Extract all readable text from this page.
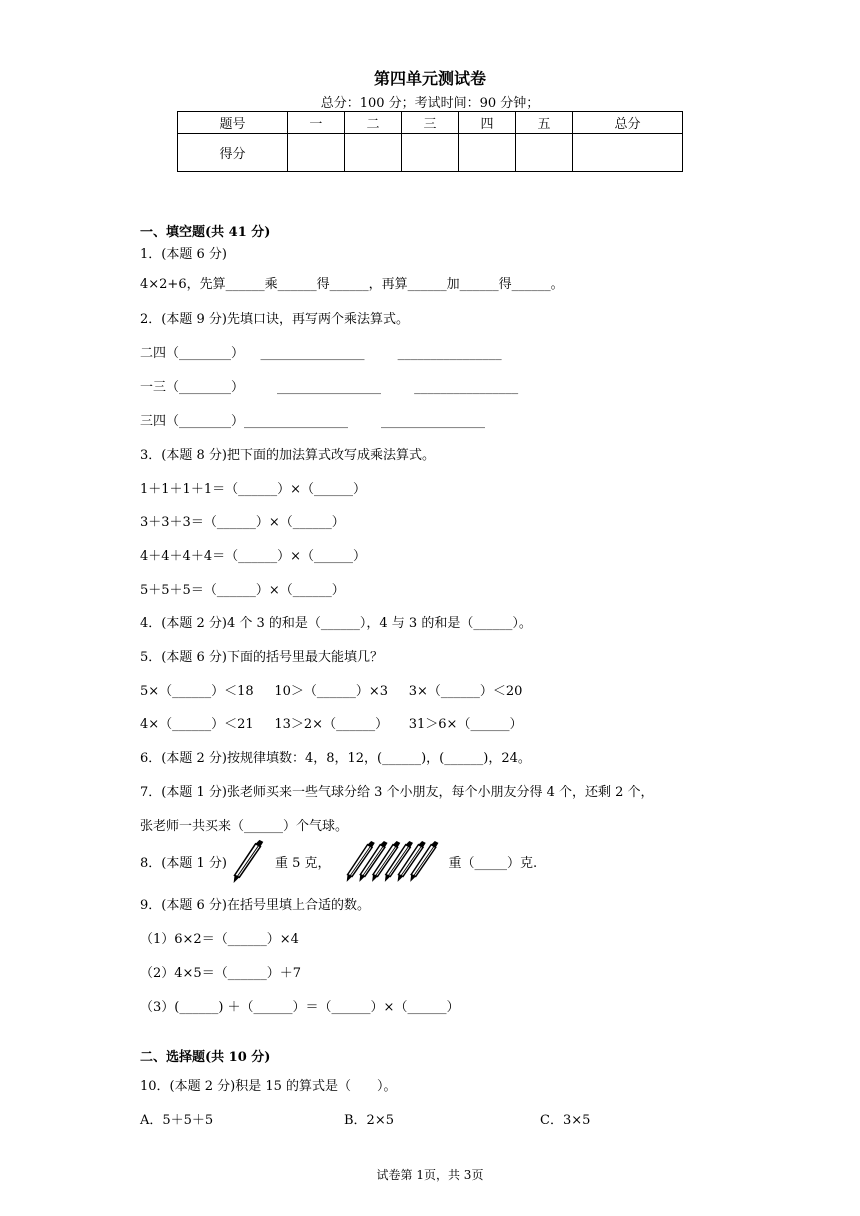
第四单元测试卷
总分：100 分；考试时间：90 分钟；
题号	一	二	三	四	五	总分
得分						
一、填空题(共 41 分)
1．(本题 6 分)
4×2+6，先算______乘______得______，再算______加______得______。
2．(本题 9 分)先填口诀，再写两个乘法算式。
二四（________）    ________________        ________________
一三（________）        ________________        ________________
三四（________）________________        ________________
3．(本题 8 分)把下面的加法算式改写成乘法算式。
1＋1＋1＋1＝（______）×（______）
3＋3＋3＝（______）×（______）
4＋4＋4＋4＝（______）×（______）
5＋5＋5＝（______）×（______）
4．(本题 2 分)4 个 3 的和是（______），4 与 3 的和是（______）。
5．(本题 6 分)下面的括号里最大能填几？
5×（______）＜18     10＞（______）×3     3×（______）＜20
4×（______）＜21     13＞2×（______）     31＞6×（______）
6．(本题 2 分)按规律填数：4，8，12，(______)，(______)，24。
7．(本题 1 分)张老师买来一些气球分给 3 个小朋友，每个小朋友分得 4 个，还剩 2 个，
张老师一共买来（______）个气球。
8．(本题 1 分)	重 5 克，	重（_____）克.
9．(本题 6 分)在括号里填上合适的数。
（1）6×2＝（______）×4
（2）4×5＝（______）＋7
（3）(______) ＋（______）＝（______）×（______）
二、选择题(共 10 分)
10．(本题 2 分)积是 15 的算式是（　　）。
A．5＋5＋5	B．2×5	C．3×5
试卷第 1页，共 3页
